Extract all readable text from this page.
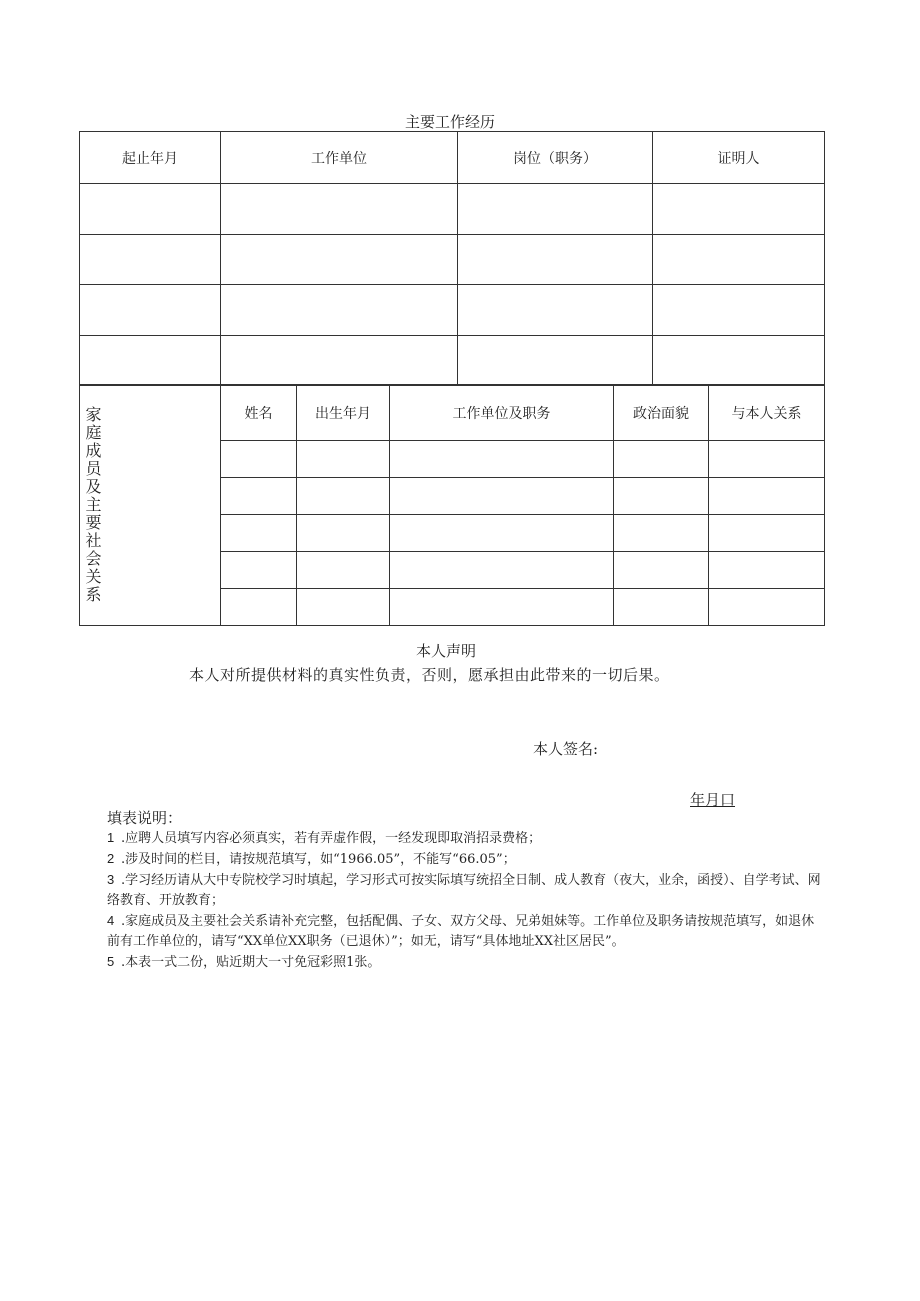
主要工作经历
起止年月	工作单位	岗位（职务）	证明人

家庭成员及主要社会关系	姓名	出生年月	工作单位及职务	政治面貌	与本人关系

本人声明
本人对所提供材料的真实性负责，否则，愿承担由此带来的一切后果。
本人签名:
年月口
填表说明：
1 .应聘人员填写内容必须真实，若有弄虚作假，一经发现即取消招录费格；
2 .涉及时间的栏目，请按规范填写，如“1966.05”，不能写“66.05”；
3 .学习经历请从大中专院校学习时填起，学习形式可按实际填写统招全日制、成人教育（夜大，业余，函授）、自学考试、网络教育、开放教育；
4 .家庭成员及主要社会关系请补充完整，包括配偶、子女、双方父母、兄弟姐妹等。工作单位及职务请按规范填写，如退休前有工作单位的，请写“XX单位XX职务（已退休）”；如无，请写“具体地址XX社区居民”。
5 .本表一式二份，贴近期大一寸免冠彩照1张。
